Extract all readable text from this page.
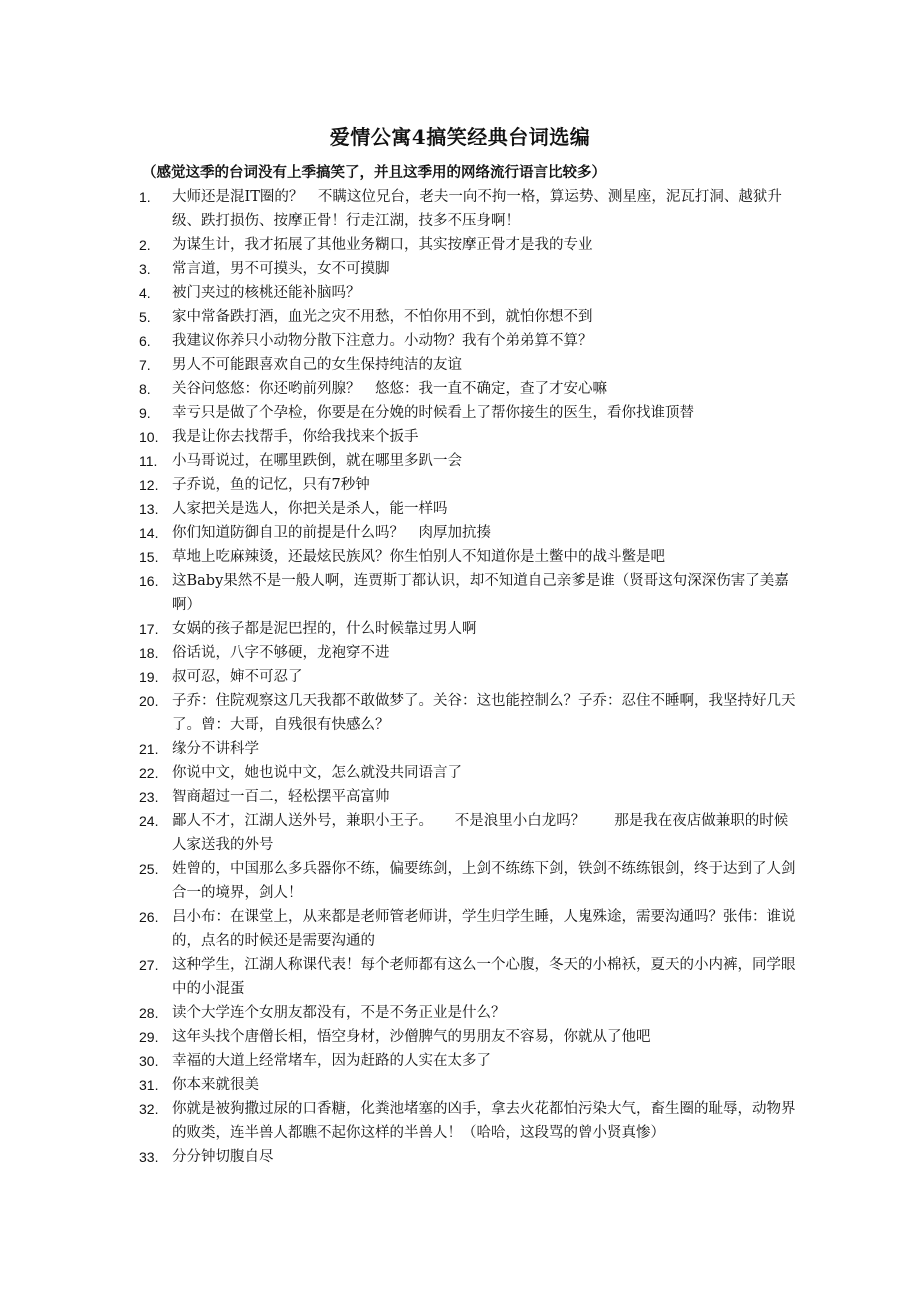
爱情公寓4搞笑经典台词选编
（感觉这季的台词没有上季搞笑了，并且这季用的网络流行语言比较多）
1. 大师还是混IT圈的？　不瞒这位兄台，老夫一向不拘一格，算运势、测星座，泥瓦打洞、越狱升级、跌打损伤、按摩正骨！行走江湖，技多不压身啊！
2. 为谋生计，我才拓展了其他业务糊口，其实按摩正骨才是我的专业
3. 常言道，男不可摸头，女不可摸脚
4. 被门夹过的核桃还能补脑吗？
5. 家中常备跌打酒，血光之灾不用愁，不怕你用不到，就怕你想不到
6. 我建议你养只小动物分散下注意力。小动物？我有个弟弟算不算？
7. 男人不可能跟喜欢自己的女生保持纯洁的友谊
8. 关谷问悠悠：你还哟前列腺？　悠悠：我一直不确定，查了才安心嘛
9. 幸亏只是做了个孕检，你要是在分娩的时候看上了帮你接生的医生，看你找谁顶替
10. 我是让你去找帮手，你给我找来个扳手
11. 小马哥说过，在哪里跌倒，就在哪里多趴一会
12. 子乔说，鱼的记忆，只有7秒钟
13. 人家把关是选人，你把关是杀人，能一样吗
14. 你们知道防御自卫的前提是什么吗？　肉厚加抗揍
15. 草地上吃麻辣烫，还最炫民族风？你生怕别人不知道你是土鳖中的战斗鳖是吧
16. 这Baby果然不是一般人啊，连贾斯丁都认识，却不知道自己亲爹是谁（贤哥这句深深伤害了美嘉啊）
17. 女娲的孩子都是泥巴捏的，什么时候靠过男人啊
18. 俗话说，八字不够硬，龙袍穿不进
19. 叔可忍，婶不可忍了
20. 子乔：住院观察这几天我都不敢做梦了。关谷：这也能控制么？子乔：忍住不睡啊，我坚持好几天了。曾：大哥，自残很有快感么？
21. 缘分不讲科学
22. 你说中文，她也说中文，怎么就没共同语言了
23. 智商超过一百二，轻松摆平高富帅
24. 鄙人不才，江湖人送外号，兼职小王子。　　不是浪里小白龙吗？　　那是我在夜店做兼职的时候人家送我的外号
25. 姓曾的，中国那么多兵器你不练，偏要练剑，上剑不练练下剑，铁剑不练练银剑，终于达到了人剑合一的境界，剑人！
26. 吕小布：在课堂上，从来都是老师管老师讲，学生归学生睡，人鬼殊途，需要沟通吗？张伟：谁说的，点名的时候还是需要沟通的
27. 这种学生，江湖人称课代表！每个老师都有这么一个心腹，冬天的小棉袄，夏天的小内裤，同学眼中的小混蛋
28. 读个大学连个女朋友都没有，不是不务正业是什么？
29. 这年头找个唐僧长相，悟空身材，沙僧脾气的男朋友不容易，你就从了他吧
30. 幸福的大道上经常堵车，因为赶路的人实在太多了
31. 你本来就很美
32. 你就是被狗撒过尿的口香糖，化粪池堵塞的凶手，拿去火花都怕污染大气，畜生圈的耻辱，动物界的败类，连半兽人都瞧不起你这样的半兽人！（哈哈，这段骂的曾小贤真惨）
33. 分分钟切腹自尽
